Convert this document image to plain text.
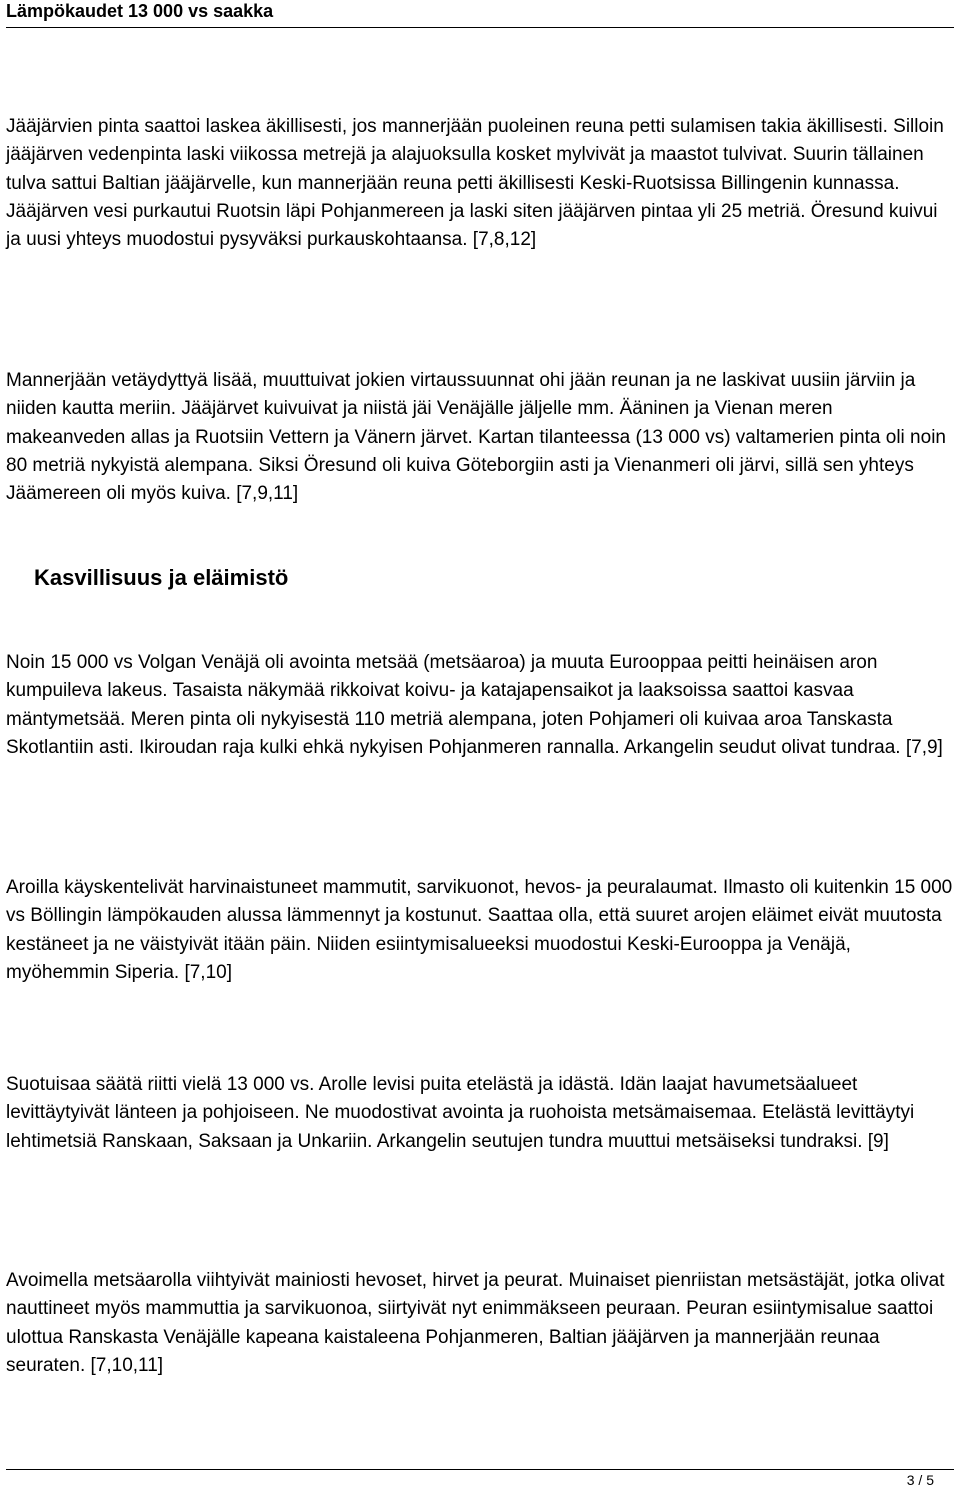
Lämpökaudet 13 000 vs saakka

Jääjärvien pinta saattoi laskea äkillisesti, jos mannerjään puoleinen reuna petti sulamisen takia äkillisesti. Silloin jääjärven vedenpinta laski viikossa metrejä ja alajuoksulla kosket mylvivät ja maastot tulvivat. Suurin tällainen tulva sattui Baltian jääjärvelle, kun mannerjään reuna petti äkillisesti Keski-Ruotsissa Billingenin kunnassa. Jääjärven vesi purkautui Ruotsin läpi Pohjanmereen ja laski siten jääjärven pintaa yli 25 metriä. Öresund kuivui ja uusi yhteys muodostui pysyväksi purkauskohtaansa. [7,8,12]

Mannerjään vetäydyttyä lisää, muuttuivat jokien virtaussuunnat ohi jään reunan ja ne laskivat uusiin järviin ja niiden kautta meriin. Jääjärvet kuivuivat ja niistä jäi Venäjälle jäljelle mm. Ääninen ja Vienan meren makeanveden allas ja Ruotsiin Vettern ja Vänern järvet. Kartan tilanteessa (13 000 vs) valtamerien pinta oli noin 80 metriä nykyistä alempana. Siksi Öresund oli kuiva Göteborgiin asti ja Vienanmeri oli järvi, sillä sen yhteys Jäämereen oli myös kuiva. [7,9,11]

Kasvillisuus ja eläimistö

Noin 15 000 vs Volgan Venäjä oli avointa metsää (metsäaroa) ja muuta Eurooppaa peitti heinäisen aron kumpuileva lakeus. Tasaista näkymää rikkoivat koivu- ja katajapensaikot ja laaksoissa saattoi kasvaa mäntymetsää. Meren pinta oli nykyisestä 110 metriä alempana, joten Pohjameri oli kuivaa aroa Tanskasta Skotlantiin asti. Ikiroudan raja kulki ehkä nykyisen Pohjanmeren rannalla. Arkangelin seudut olivat tundraa. [7,9]

Aroilla käyskentelivät harvinaistuneet mammutit, sarvikuonot, hevos- ja peuralaumat. Ilmasto oli kuitenkin 15 000 vs Böllingin lämpökauden alussa lämmennyt ja kostunut. Saattaa olla, että suuret arojen eläimet eivät muutosta kestäneet ja ne väistyivät itään päin. Niiden esiintymisalueeksi muodostui Keski-Eurooppa ja Venäjä, myöhemmin Siperia. [7,10]

Suotuisaa säätä riitti vielä 13 000 vs. Arolle levisi puita etelästä ja idästä. Idän laajat havumetsäalueet levittäytyivät länteen ja pohjoiseen. Ne muodostivat avointa ja ruohoista metsämaisemaa. Etelästä levittäytyi lehtimetsiä Ranskaan, Saksaan ja Unkariin. Arkangelin seutujen tundra muuttui metsäiseksi tundraksi. [9]

Avoimella metsäarolla viihtyivät mainiosti hevoset, hirvet ja peurat. Muinaiset pienriistan metsästäjät, jotka olivat nauttineet myös mammuttia ja sarvikuonoa, siirtyivät nyt enimmäkseen peuraan. Peuran esiintymisalue saattoi ulottua Ranskasta Venäjälle kapeana kaistaleena Pohjanmeren, Baltian jääjärven ja mannerjään reunaa seuraten. [7,10,11]

3 / 5
